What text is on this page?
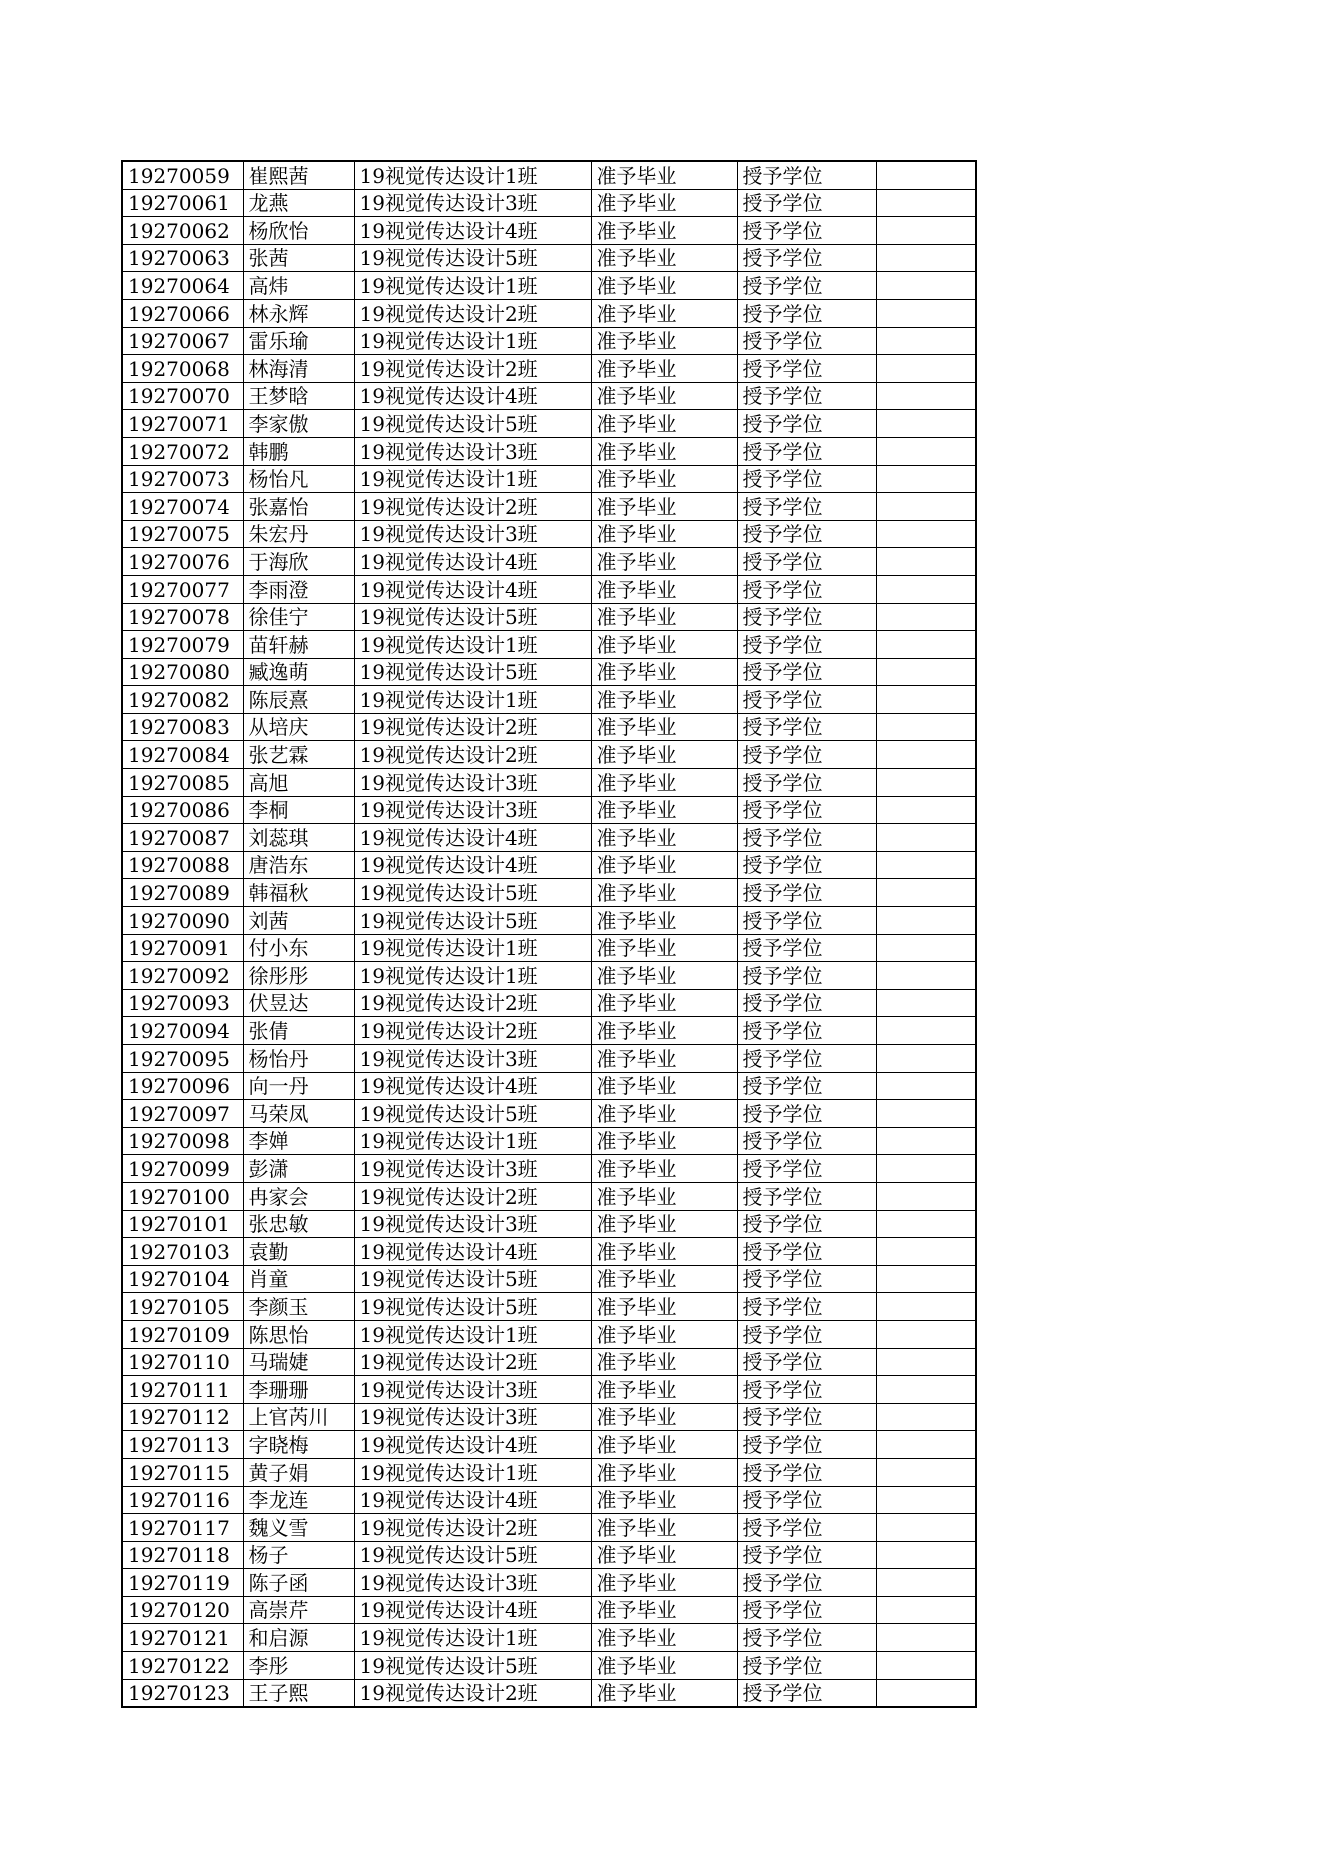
19270059	崔熙茜	19视觉传达设计1班	准予毕业	授予学位	
19270061	龙燕	19视觉传达设计3班	准予毕业	授予学位	
19270062	杨欣怡	19视觉传达设计4班	准予毕业	授予学位	
19270063	张茜	19视觉传达设计5班	准予毕业	授予学位	
19270064	高炜	19视觉传达设计1班	准予毕业	授予学位	
19270066	林永辉	19视觉传达设计2班	准予毕业	授予学位	
19270067	雷乐瑜	19视觉传达设计1班	准予毕业	授予学位	
19270068	林海清	19视觉传达设计2班	准予毕业	授予学位	
19270070	王梦晗	19视觉传达设计4班	准予毕业	授予学位	
19270071	李家傲	19视觉传达设计5班	准予毕业	授予学位	
19270072	韩鹏	19视觉传达设计3班	准予毕业	授予学位	
19270073	杨怡凡	19视觉传达设计1班	准予毕业	授予学位	
19270074	张嘉怡	19视觉传达设计2班	准予毕业	授予学位	
19270075	朱宏丹	19视觉传达设计3班	准予毕业	授予学位	
19270076	于海欣	19视觉传达设计4班	准予毕业	授予学位	
19270077	李雨澄	19视觉传达设计4班	准予毕业	授予学位	
19270078	徐佳宁	19视觉传达设计5班	准予毕业	授予学位	
19270079	苗轩赫	19视觉传达设计1班	准予毕业	授予学位	
19270080	臧逸萌	19视觉传达设计5班	准予毕业	授予学位	
19270082	陈辰熹	19视觉传达设计1班	准予毕业	授予学位	
19270083	从培庆	19视觉传达设计2班	准予毕业	授予学位	
19270084	张艺霖	19视觉传达设计2班	准予毕业	授予学位	
19270085	高旭	19视觉传达设计3班	准予毕业	授予学位	
19270086	李桐	19视觉传达设计3班	准予毕业	授予学位	
19270087	刘蕊琪	19视觉传达设计4班	准予毕业	授予学位	
19270088	唐浩东	19视觉传达设计4班	准予毕业	授予学位	
19270089	韩福秋	19视觉传达设计5班	准予毕业	授予学位	
19270090	刘茜	19视觉传达设计5班	准予毕业	授予学位	
19270091	付小东	19视觉传达设计1班	准予毕业	授予学位	
19270092	徐彤彤	19视觉传达设计1班	准予毕业	授予学位	
19270093	伏昱达	19视觉传达设计2班	准予毕业	授予学位	
19270094	张倩	19视觉传达设计2班	准予毕业	授予学位	
19270095	杨怡丹	19视觉传达设计3班	准予毕业	授予学位	
19270096	向一丹	19视觉传达设计4班	准予毕业	授予学位	
19270097	马荣凤	19视觉传达设计5班	准予毕业	授予学位	
19270098	李婵	19视觉传达设计1班	准予毕业	授予学位	
19270099	彭潇	19视觉传达设计3班	准予毕业	授予学位	
19270100	冉家会	19视觉传达设计2班	准予毕业	授予学位	
19270101	张忠敏	19视觉传达设计3班	准予毕业	授予学位	
19270103	袁勤	19视觉传达设计4班	准予毕业	授予学位	
19270104	肖童	19视觉传达设计5班	准予毕业	授予学位	
19270105	李颜玉	19视觉传达设计5班	准予毕业	授予学位	
19270109	陈思怡	19视觉传达设计1班	准予毕业	授予学位	
19270110	马瑞婕	19视觉传达设计2班	准予毕业	授予学位	
19270111	李珊珊	19视觉传达设计3班	准予毕业	授予学位	
19270112	上官芮川	19视觉传达设计3班	准予毕业	授予学位	
19270113	字晓梅	19视觉传达设计4班	准予毕业	授予学位	
19270115	黄子娟	19视觉传达设计1班	准予毕业	授予学位	
19270116	李龙连	19视觉传达设计4班	准予毕业	授予学位	
19270117	魏义雪	19视觉传达设计2班	准予毕业	授予学位	
19270118	杨子	19视觉传达设计5班	准予毕业	授予学位	
19270119	陈子函	19视觉传达设计3班	准予毕业	授予学位	
19270120	高崇芹	19视觉传达设计4班	准予毕业	授予学位	
19270121	和启源	19视觉传达设计1班	准予毕业	授予学位	
19270122	李彤	19视觉传达设计5班	准予毕业	授予学位	
19270123	王子熙	19视觉传达设计2班	准予毕业	授予学位	
